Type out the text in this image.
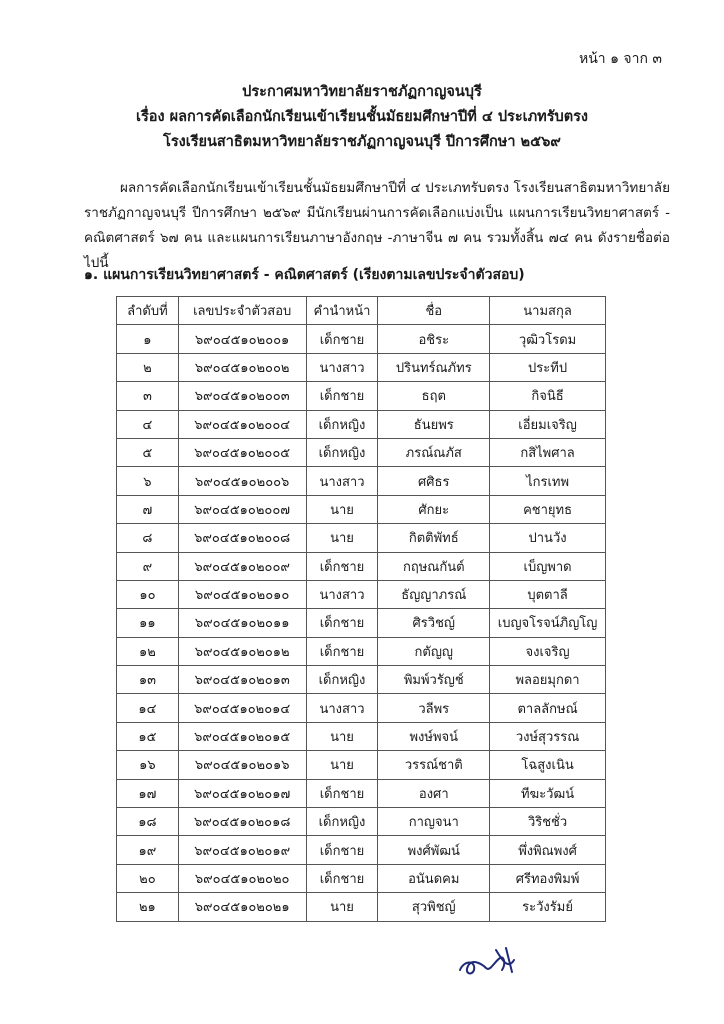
หน้า ๑ จาก ๓
ประกาศมหาวิทยาลัยราชภัฏกาญจนบุรี
เรื่อง ผลการคัดเลือกนักเรียนเข้าเรียนชั้นมัธยมศึกษาปีที่ ๔ ประเภทรับตรง
โรงเรียนสาธิตมหาวิทยาลัยราชภัฏกาญจนบุรี ปีการศึกษา ๒๕๖๙
ผลการคัดเลือกนักเรียนเข้าเรียนชั้นมัธยมศึกษาปีที่ ๔ ประเภทรับตรง โรงเรียนสาธิตมหาวิทยาลัยราชภัฏกาญจนบุรี ปีการศึกษา ๒๕๖๙ มีนักเรียนผ่านการคัดเลือกแบ่งเป็น แผนการเรียนวิทยาศาสตร์ - คณิตศาสตร์ ๖๗ คน และแผนการเรียนภาษาอังกฤษ -ภาษาจีน ๗ คน รวมทั้งสิ้น ๗๔ คน ดังรายชื่อต่อไปนี้
๑. แผนการเรียนวิทยาศาสตร์ - คณิตศาสตร์ (เรียงตามเลขประจำตัวสอบ)
ลำดับที่	เลขประจำตัวสอบ	คำนำหน้า	ชื่อ	นามสกุล
๑	๖๙๐๔๕๑๐๒๐๐๑	เด็กชาย	อชิระ	วุฒิวโรดม
๒	๖๙๐๔๕๑๐๒๐๐๒	นางสาว	ปรินทร์ณภัทร	ประทีป
๓	๖๙๐๔๕๑๐๒๐๐๓	เด็กชาย	ธฤต	กิจนิธี
๔	๖๙๐๔๕๑๐๒๐๐๔	เด็กหญิง	ธันยพร	เอี่ยมเจริญ
๕	๖๙๐๔๕๑๐๒๐๐๕	เด็กหญิง	ภรณ์ณภัส	กสิไพศาล
๖	๖๙๐๔๕๑๐๒๐๐๖	นางสาว	ศศิธร	ไกรเทพ
๗	๖๙๐๔๕๑๐๒๐๐๗	นาย	ศักยะ	คชายุทธ
๘	๖๙๐๔๕๑๐๒๐๐๘	นาย	กิตติพัทธ์	ปานวัง
๙	๖๙๐๔๕๑๐๒๐๐๙	เด็กชาย	กฤษณกันต์	เบ็ญพาด
๑๐	๖๙๐๔๕๑๐๒๐๑๐	นางสาว	ธัญญาภรณ์	บุตตาลี
๑๑	๖๙๐๔๕๑๐๒๐๑๑	เด็กชาย	ศิรวิชญ์	เบญจโรจน์ภิญโญ
๑๒	๖๙๐๔๕๑๐๒๐๑๒	เด็กชาย	กตัญญู	จงเจริญ
๑๓	๖๙๐๔๕๑๐๒๐๑๓	เด็กหญิง	พิมพ์วรัญช์	พลอยมุกดา
๑๔	๖๙๐๔๕๑๐๒๐๑๔	นางสาว	วลีพร	ตาลลักษณ์
๑๕	๖๙๐๔๕๑๐๒๐๑๕	นาย	พงษ์พจน์	วงษ์สุวรรณ
๑๖	๖๙๐๔๕๑๐๒๐๑๖	นาย	วรรณ์ชาติ	โฉสูงเนิน
๑๗	๖๙๐๔๕๑๐๒๐๑๗	เด็กชาย	องศา	ทีฆะวัฒน์
๑๘	๖๙๐๔๕๑๐๒๐๑๘	เด็กหญิง	กาญจนา	วิริชชั่ว
๑๙	๖๙๐๔๕๑๐๒๐๑๙	เด็กชาย	พงศ์พัฒน์	พึ่งพิณพงศ์
๒๐	๖๙๐๔๕๑๐๒๐๒๐	เด็กชาย	อนันดคม	ศรีทองพิมพ์
๒๑	๖๙๐๔๕๑๐๒๐๒๑	นาย	สุวพิชญ์	ระวังรัมย์
